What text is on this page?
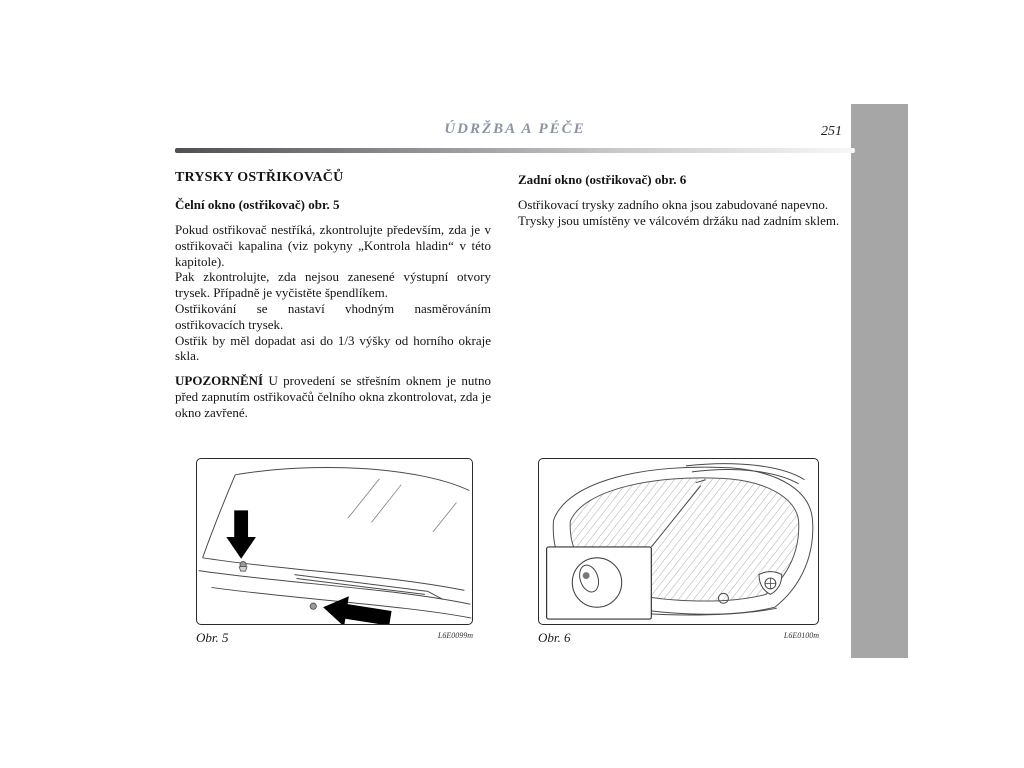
ÚDRŽBA A PÉČE	251
TRYSKY OSTŘIKOVAČŮ
Čelní okno (ostřikovač) obr. 5

Pokud ostřikovač nestříká, zkontrolujte především, zda je v ostřikovači kapalina (viz pokyny „Kontrola hladin“ v této kapitole).

Pak zkontrolujte, zda nejsou zanesené výstupní otvory trysek. Případně je vyčistěte špendlíkem.

Ostřikování se nastaví vhodným nasměrováním ostřikovacích trysek.

Ostřik by měl dopadat asi do 1/3 výšky od horního okraje skla.

UPOZORNĚNÍ U provedení se střešním oknem je nutno před zapnutím ostřikovačů čelního okna zkontrolovat, zda je okno zavřené.

Zadní okno (ostřikovač) obr. 6

Ostřikovací trysky zadního okna jsou zabudované napevno.

Trysky jsou umístěny ve válcovém držáku nad zadním sklem.

Obr. 5	L6E0099m	Obr. 6	L6E0100m
